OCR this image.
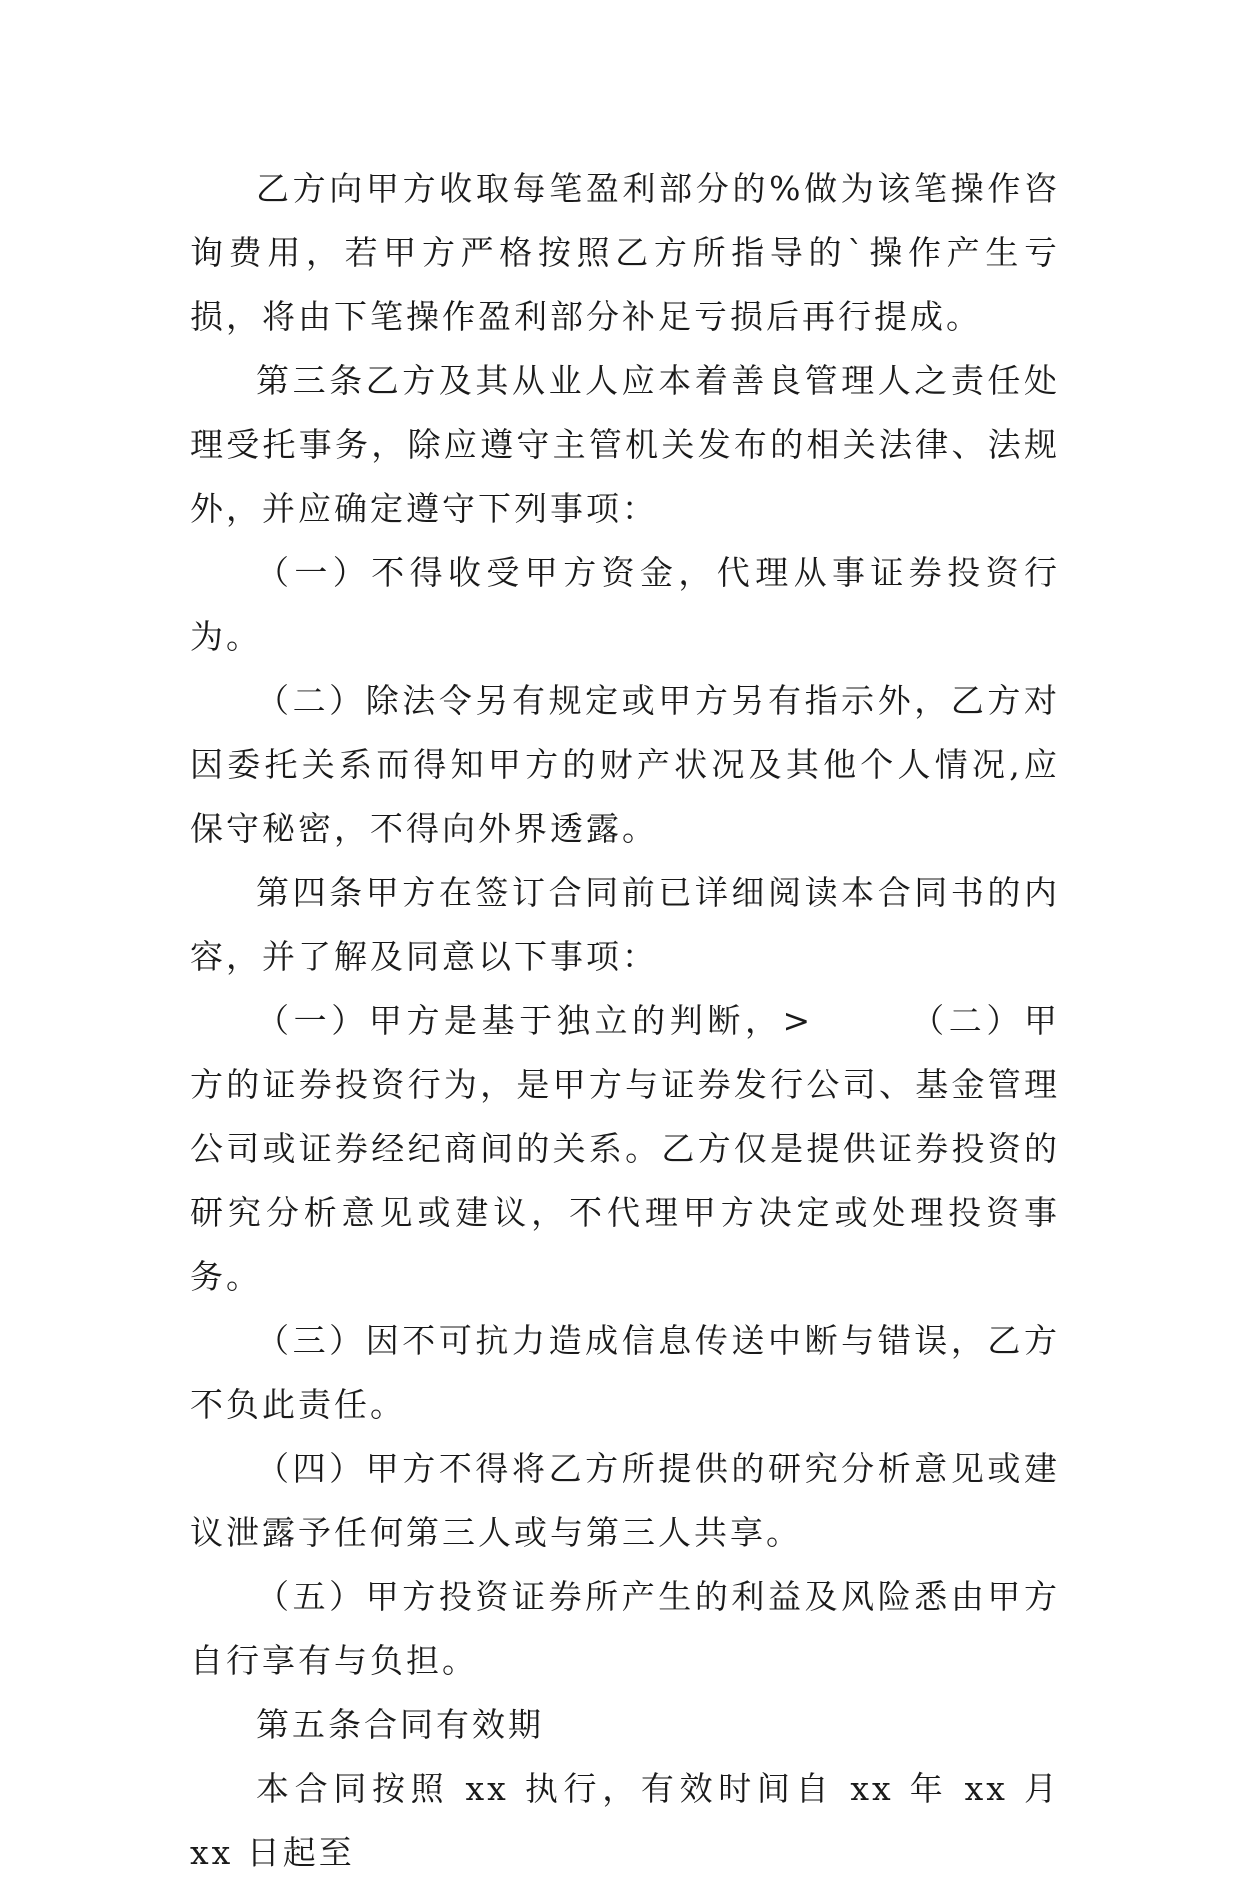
乙方向甲方收取每笔盈利部分的%做为该笔操作咨询费用，若甲方严格按照乙方所指导的`操作产生亏损，将由下笔操作盈利部分补足亏损后再行提成。

第三条乙方及其从业人应本着善良管理人之责任处理受托事务，除应遵守主管机关发布的相关法律、法规外，并应确定遵守下列事项：

（一）不得收受甲方资金，代理从事证券投资行为。

（二）除法令另有规定或甲方另有指示外，乙方对因委托关系而得知甲方的财产状况及其他个人情况,应保守秘密，不得向外界透露。

第四条甲方在签订合同前已详细阅读本合同书的内容，并了解及同意以下事项：

（一）甲方是基于独立的判断，>　　　（二）甲方的证券投资行为，是甲方与证券发行公司、基金管理公司或证券经纪商间的关系。乙方仅是提供证券投资的研究分析意见或建议，不代理甲方决定或处理投资事务。

（三）因不可抗力造成信息传送中断与错误，乙方不负此责任。

（四）甲方不得将乙方所提供的研究分析意见或建议泄露予任何第三人或与第三人共享。

（五）甲方投资证券所产生的利益及风险悉由甲方自行享有与负担。

第五条合同有效期

本合同按照 xx 执行，有效时间自 xx 年 xx 月 xx 日起至
